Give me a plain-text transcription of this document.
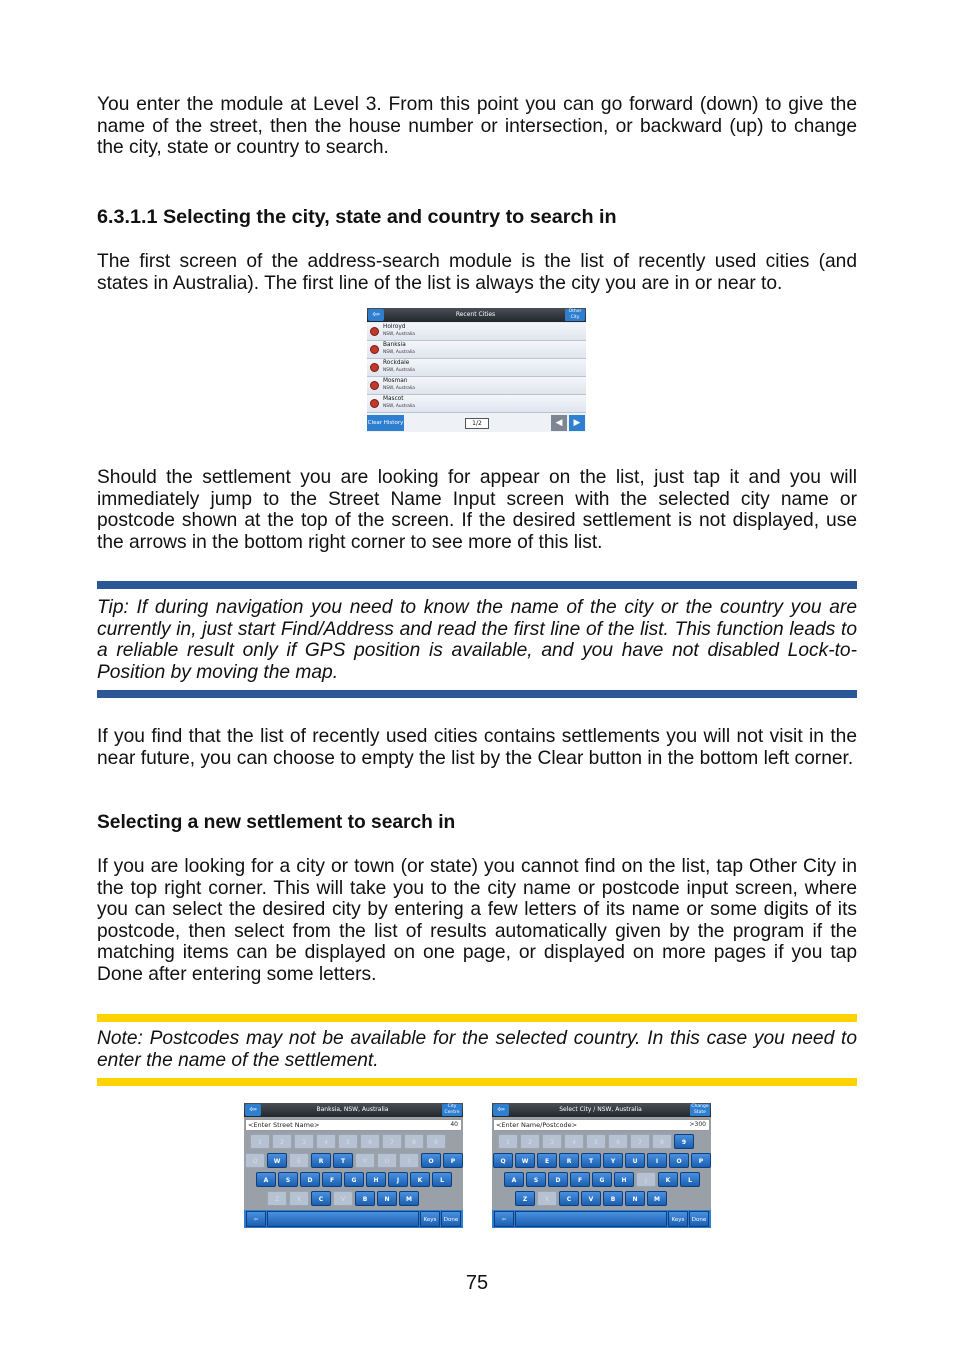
You enter the module at Level 3. From this point you can go forward (down) to give the name of the street, then the house number or intersection, or backward (up) to change the city, state or country to search.

6.3.1.1 Selecting the city, state and country to search in

The first screen of the address-search module is the list of recently used cities (and states in Australia). The first line of the list is always the city you are in or near to.

⇦	Recent Cities	Other City
Holroyd
NSW, Australia
Banksia
NSW, Australia
Rockdale
NSW, Australia
Mosman
NSW, Australia
Mascot
NSW, Australia
Clear History	1/2	◀	▶

Should the settlement you are looking for appear on the list, just tap it and you will immediately jump to the Street Name Input screen with the selected city name or postcode shown at the top of the screen. If the desired settlement is not displayed, use the arrows in the bottom right corner to see more of this list.

Tip: If during navigation you need to know the name of the city or the country you are currently in, just start Find/Address and read the first line of the list. This function leads to a reliable result only if GPS position is available, and you have not disabled Lock-to-Position by moving the map.

If you find that the list of recently used cities contains settlements you will not visit in the near future, you can choose to empty the list by the Clear button in the bottom left corner.

Selecting a new settlement to search in

If you are looking for a city or town (or state) you cannot find on the list, tap Other City in the top right corner. This will take you to the city name or postcode input screen, where you can select the desired city by entering a few letters of its name or some digits of its postcode, then select from the list of results automatically given by the program if the matching items can be displayed on one page, or displayed on more pages if you tap Done after entering some letters.

Note: Postcodes may not be available for the selected country. In this case you need to enter the name of the settlement.

⇦	Banksia, NSW, Australia	City Centre
<Enter Street Name>	40
1	2	3	4	5	6	7	8	9
Q	W	E	R	T	Y	U	I	O	P
A	S	D	F	G	H	J	K	L
Z	X	C	V	B	N	M
⇦	Keys	Done
⇦	Select City / NSW, Australia	Change State
<Enter Name/Postcode>	>300
1	2	3	4	5	6	7	8	9
Q	W	E	R	T	Y	U	I	O	P
A	S	D	F	G	H	J	K	L
Z	X	C	V	B	N	M
⇦	Keys	Done
75
